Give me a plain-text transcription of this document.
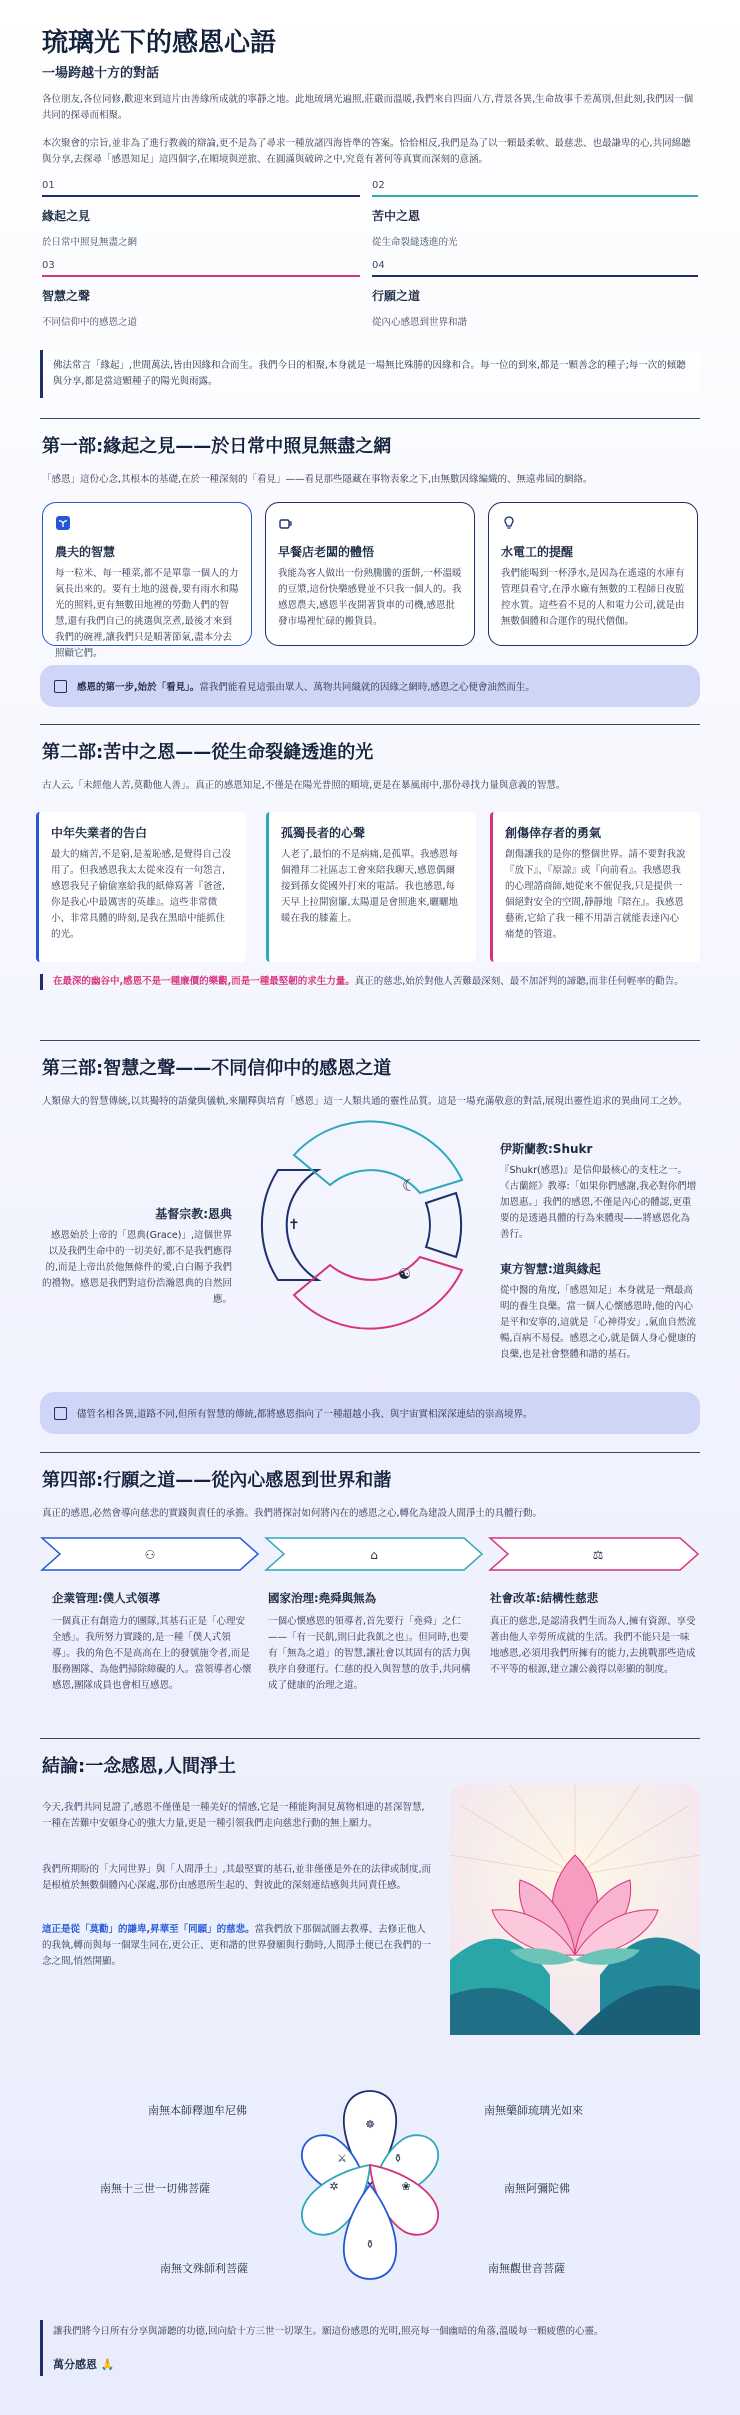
琉璃光下的感恩心語
一場跨越十方的對話
各位朋友,各位同修,歡迎來到這片由善緣所成就的寧靜之地。此地琉璃光遍照,莊嚴而溫暖,我們來自四面八方,背景各異,生命故事千差萬別,但此刻,我們因一個共同的探尋而相聚。
本次聚會的宗旨,並非為了進行教義的辯論,更不是為了尋求一種放諸四海皆準的答案。恰恰相反,我們是為了以一顆最柔軟、最慈悲、也最謙卑的心,共同綿聽與分享,去探尋「感恩知足」這四個字,在順境與逆旅、在圓滿與破碎之中,究竟有著何等真實而深刻的意涵。
01
緣起之見
於日常中照見無盡之網
02
苦中之恩
從生命裂縫透進的光
03
智慧之聲
不同信仰中的感恩之道
04
行願之道
從內心感恩到世界和諧
佛法常言「緣起」,世間萬法,皆由因緣和合而生。我們今日的相聚,本身就是一場無比殊勝的因緣和合。每一位的到來,都是一顆善念的種子;每一次的傾聽與分享,都是當這顆種子的陽光與雨露。
第一部:緣起之見——於日常中照見無盡之網
「感恩」這份心念,其根本的基礎,在於一種深刻的「看見」——看見那些隱藏在事物表象之下,由無數因緣編織的、無遠弗屆的網絡。
農夫的智慧
每一粒米、每一種菜,都不是單靠一個人的力氣長出來的。要有土地的滋養,要有雨水和陽光的照料,更有無數田地裡的勞動人們的智慧,還有我們自己的挑選與烹煮,最後才來到我們的碗裡,讓我們只是順著節氣,盡本分去照顧它們。
早餐店老闆的體悟
我能為客人做出一份熱騰騰的蛋餅,一杯溫暖的豆漿,這份快樂感覺並不只我一個人的。我感恩農夫,感恩半夜開著貨車的司機,感恩批發市場裡忙碌的搬貨員。
水電工的提醒
我們能喝到一杯淨水,是因為在遙遠的水庫有管理員看守,在淨水廠有無數的工程師日夜監控水質。這些看不見的人和電力公司,就是由無數個體和合運作的現代僧伽。
感恩的第一步,始於「看見」。當我們能看見這張由眾人、萬物共同織就的因緣之網時,感恩之心便會油然而生。
第二部:苦中之恩——從生命裂縫透進的光
古人云,「未經他人苦,莫勸他人善」。真正的感恩知足,不僅是在陽光普照的順境,更是在暴風雨中,那份尋找力量與意義的智慧。
中年失業者的告白
最大的痛苦,不是窮,是羞恥感,是覺得自己沒用了。但我感恩我太太從來沒有一句怨言,感恩我兒子偷偷塞給我的紙條寫著『爸爸,你是我心中最厲害的英雄』。這些非常微小、非常具體的時刻,是我在黑暗中能抓住的光。
孤獨長者的心聲
人老了,最怕的不是病痛,是孤單。我感恩每個禮拜二社區志工會來陪我聊天,感恩偶爾接到孫女從國外打來的電話。我也感恩,每天早上拉開窗簾,太陽還是會照進來,曬曬地暖在我的膝蓋上。
創傷倖存者的勇氣
創傷讓我的是你的整個世界。請不要對我說『放下』、『原諒』或『向前看』。我感恩我的心理諮商師,她從來不催促我,只是提供一個絕對安全的空間,靜靜地『陪在』。我感恩藝術,它給了我一種不用語言就能表達內心痛楚的管道。
在最深的幽谷中,感恩不是一種廉價的樂觀,而是一種最堅韌的求生力量。真正的慈悲,始於對他人苦難最深刻、最不加評判的諦聽,而非任何輕率的勸告。
第三部:智慧之聲——不同信仰中的感恩之道
人類偉大的智慧傳統,以其獨特的語彙與儀軌,來闡釋與培育「感恩」這一人類共通的靈性品質。這是一場充滿敬意的對話,展現出靈性追求的異曲同工之妙。
基督宗教:恩典
感恩始於上帝的「恩典(Grace)」,這個世界以及我們生命中的一切美好,都不是我們應得的,而是上帝出於他無條件的愛,白白賜予我們的禮物。感恩是我們對這份浩瀚恩典的自然回應。
✝
☾
☯
伊斯蘭教:Shukr
『Shukr(感恩)』是信仰最核心的支柱之一。《古蘭經》教導:「如果你們感謝,我必對你們增加恩惠。」我們的感恩,不僅是內心的體認,更重要的是透過具體的行為來體現——將感恩化為善行。
東方智慧:道與緣起
從中醫的角度,「感恩知足」本身就是一劑最高明的養生良藥。當一個人心懷感恩時,他的內心是平和安寧的,這就是「心神得安」,氣血自然流暢,百病不易侵。感恩之心,就是個人身心健康的良藥,也是社會整體和諧的基石。
儘管名相各異,道路不同,但所有智慧的傳統,都將感恩指向了一種超越小我、與宇宙實相深深連結的崇高境界。
第四部:行願之道——從內心感恩到世界和諧
真正的感恩,必然會導向慈悲的實踐與責任的承擔。我們將探討如何將內在的感恩之心,轉化為建設人間淨土的具體行動。
⚇	⌂	⚖
企業管理:僕人式領導
一個真正有創造力的團隊,其基石正是「心理安全感」。我所努力實踐的,是一種「僕人式領導」。我的角色不是高高在上的發號施令者,而是服務團隊、為他們掃除障礙的人。當領導者心懷感恩,團隊成員也會相互感恩。
國家治理:堯舜與無為
一個心懷感恩的領導者,首先要行「堯舜」之仁——「有一民飢,則曰此我飢之也」。但同時,也要有「無為之道」的智慧,讓社會以其固有的活力與秩序自發運行。仁慈的投入與智慧的放手,共同構成了健康的治理之道。
社會改革:結構性慈悲
真正的慈悲,是認清我們生而為人,擁有資源、享受著由他人辛勞所成就的生活。我們不能只是一味地感恩,必須用我們所擁有的能力,去挑戰那些造成不平等的根源,建立讓公義得以彰顯的制度。
結論:一念感恩,人間淨土
今天,我們共同見證了,感恩不僅僅是一種美好的情感,它是一種能夠洞見萬物相連的甚深智慧,一種在苦難中安頓身心的強大力量,更是一種引領我們走向慈悲行動的無上願力。
我們所期盼的「大同世界」與「人間淨土」,其最堅實的基石,並非僅僅是外在的法律或制度,而是根植於無數個體內心深處,那份由感恩所生起的、對彼此的深刻連結感與共同責任感。
這正是從「莫勸」的謙卑,昇華至「同願」的慈悲。當我們放下那個試圖去教導、去修正他人的我執,轉而與每一個眾生同在,更公正、更和諧的世界發願與行動時,人間淨土便已在我們的一念之間,悄然開顯。
☸
⚱
✲	❀
⚱
⚔
南無本師釋迦牟尼佛
南無十三世一切佛菩薩
南無文殊師利菩薩
南無藥師琉璃光如來
南無阿彌陀佛
南無觀世音菩薩
讓我們將今日所有分享與諦聽的功德,回向給十方三世一切眾生。願這份感恩的光明,照亮每一個幽暗的角落,溫暖每一顆疲憊的心靈。
萬分感恩 🙏
